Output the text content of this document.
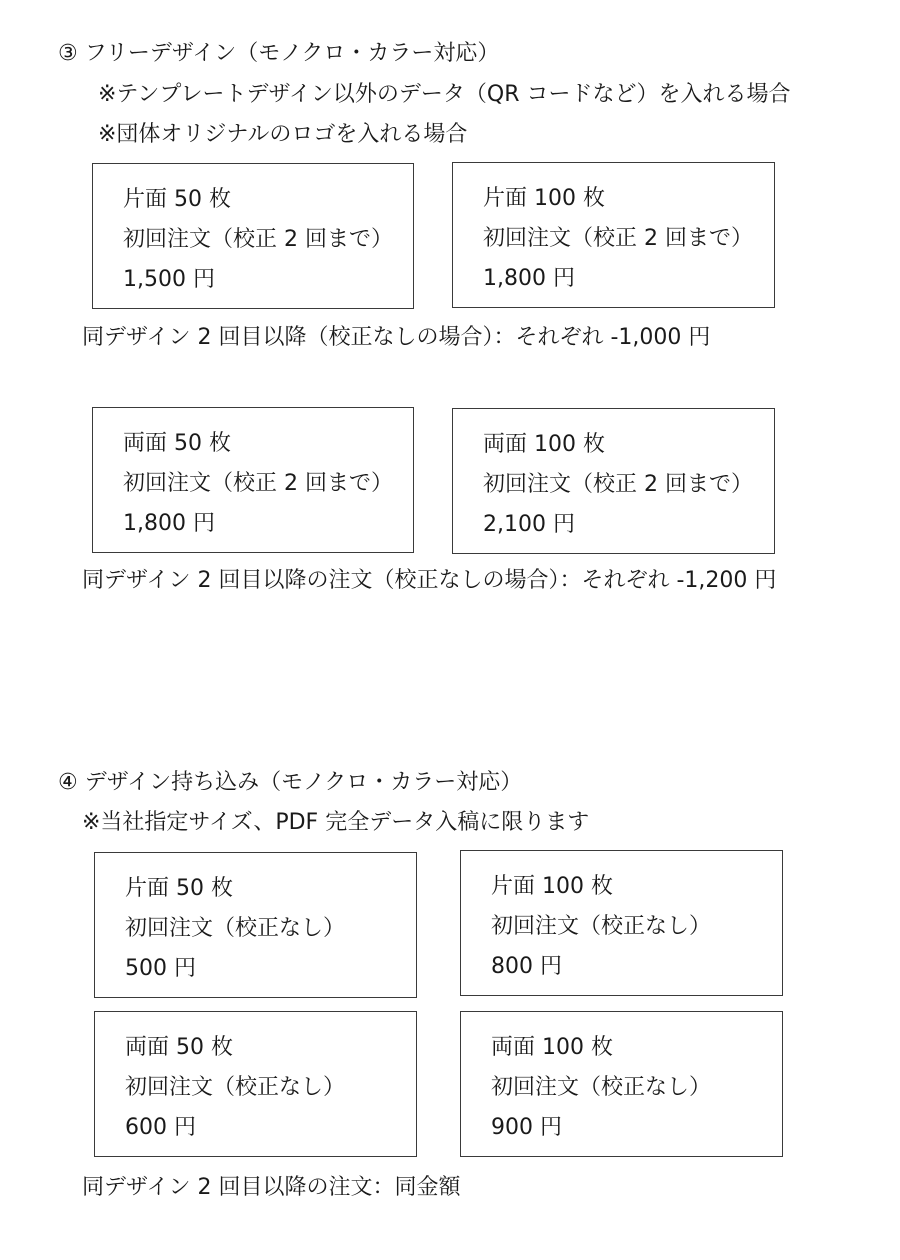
③ フリーデザイン（モノクロ・カラー対応）
※テンプレートデザイン以外のデータ（QR コードなど）を入れる場合
※団体オリジナルのロゴを入れる場合
片面 50 枚
初回注文（校正 2 回まで）
1,500 円
片面 100 枚
初回注文（校正 2 回まで）
1,800 円
同デザイン 2 回目以降（校正なしの場合）：それぞれ -1,000 円
両面 50 枚
初回注文（校正 2 回まで）
1,800 円
両面 100 枚
初回注文（校正 2 回まで）
2,100 円
同デザイン 2 回目以降の注文（校正なしの場合）：それぞれ -1,200 円
④ デザイン持ち込み（モノクロ・カラー対応）
※当社指定サイズ、PDF 完全データ入稿に限ります
片面 50 枚
初回注文（校正なし）
500 円
片面 100 枚
初回注文（校正なし）
800 円
両面 50 枚
初回注文（校正なし）
600 円
両面 100 枚
初回注文（校正なし）
900 円
同デザイン 2 回目以降の注文：同金額
